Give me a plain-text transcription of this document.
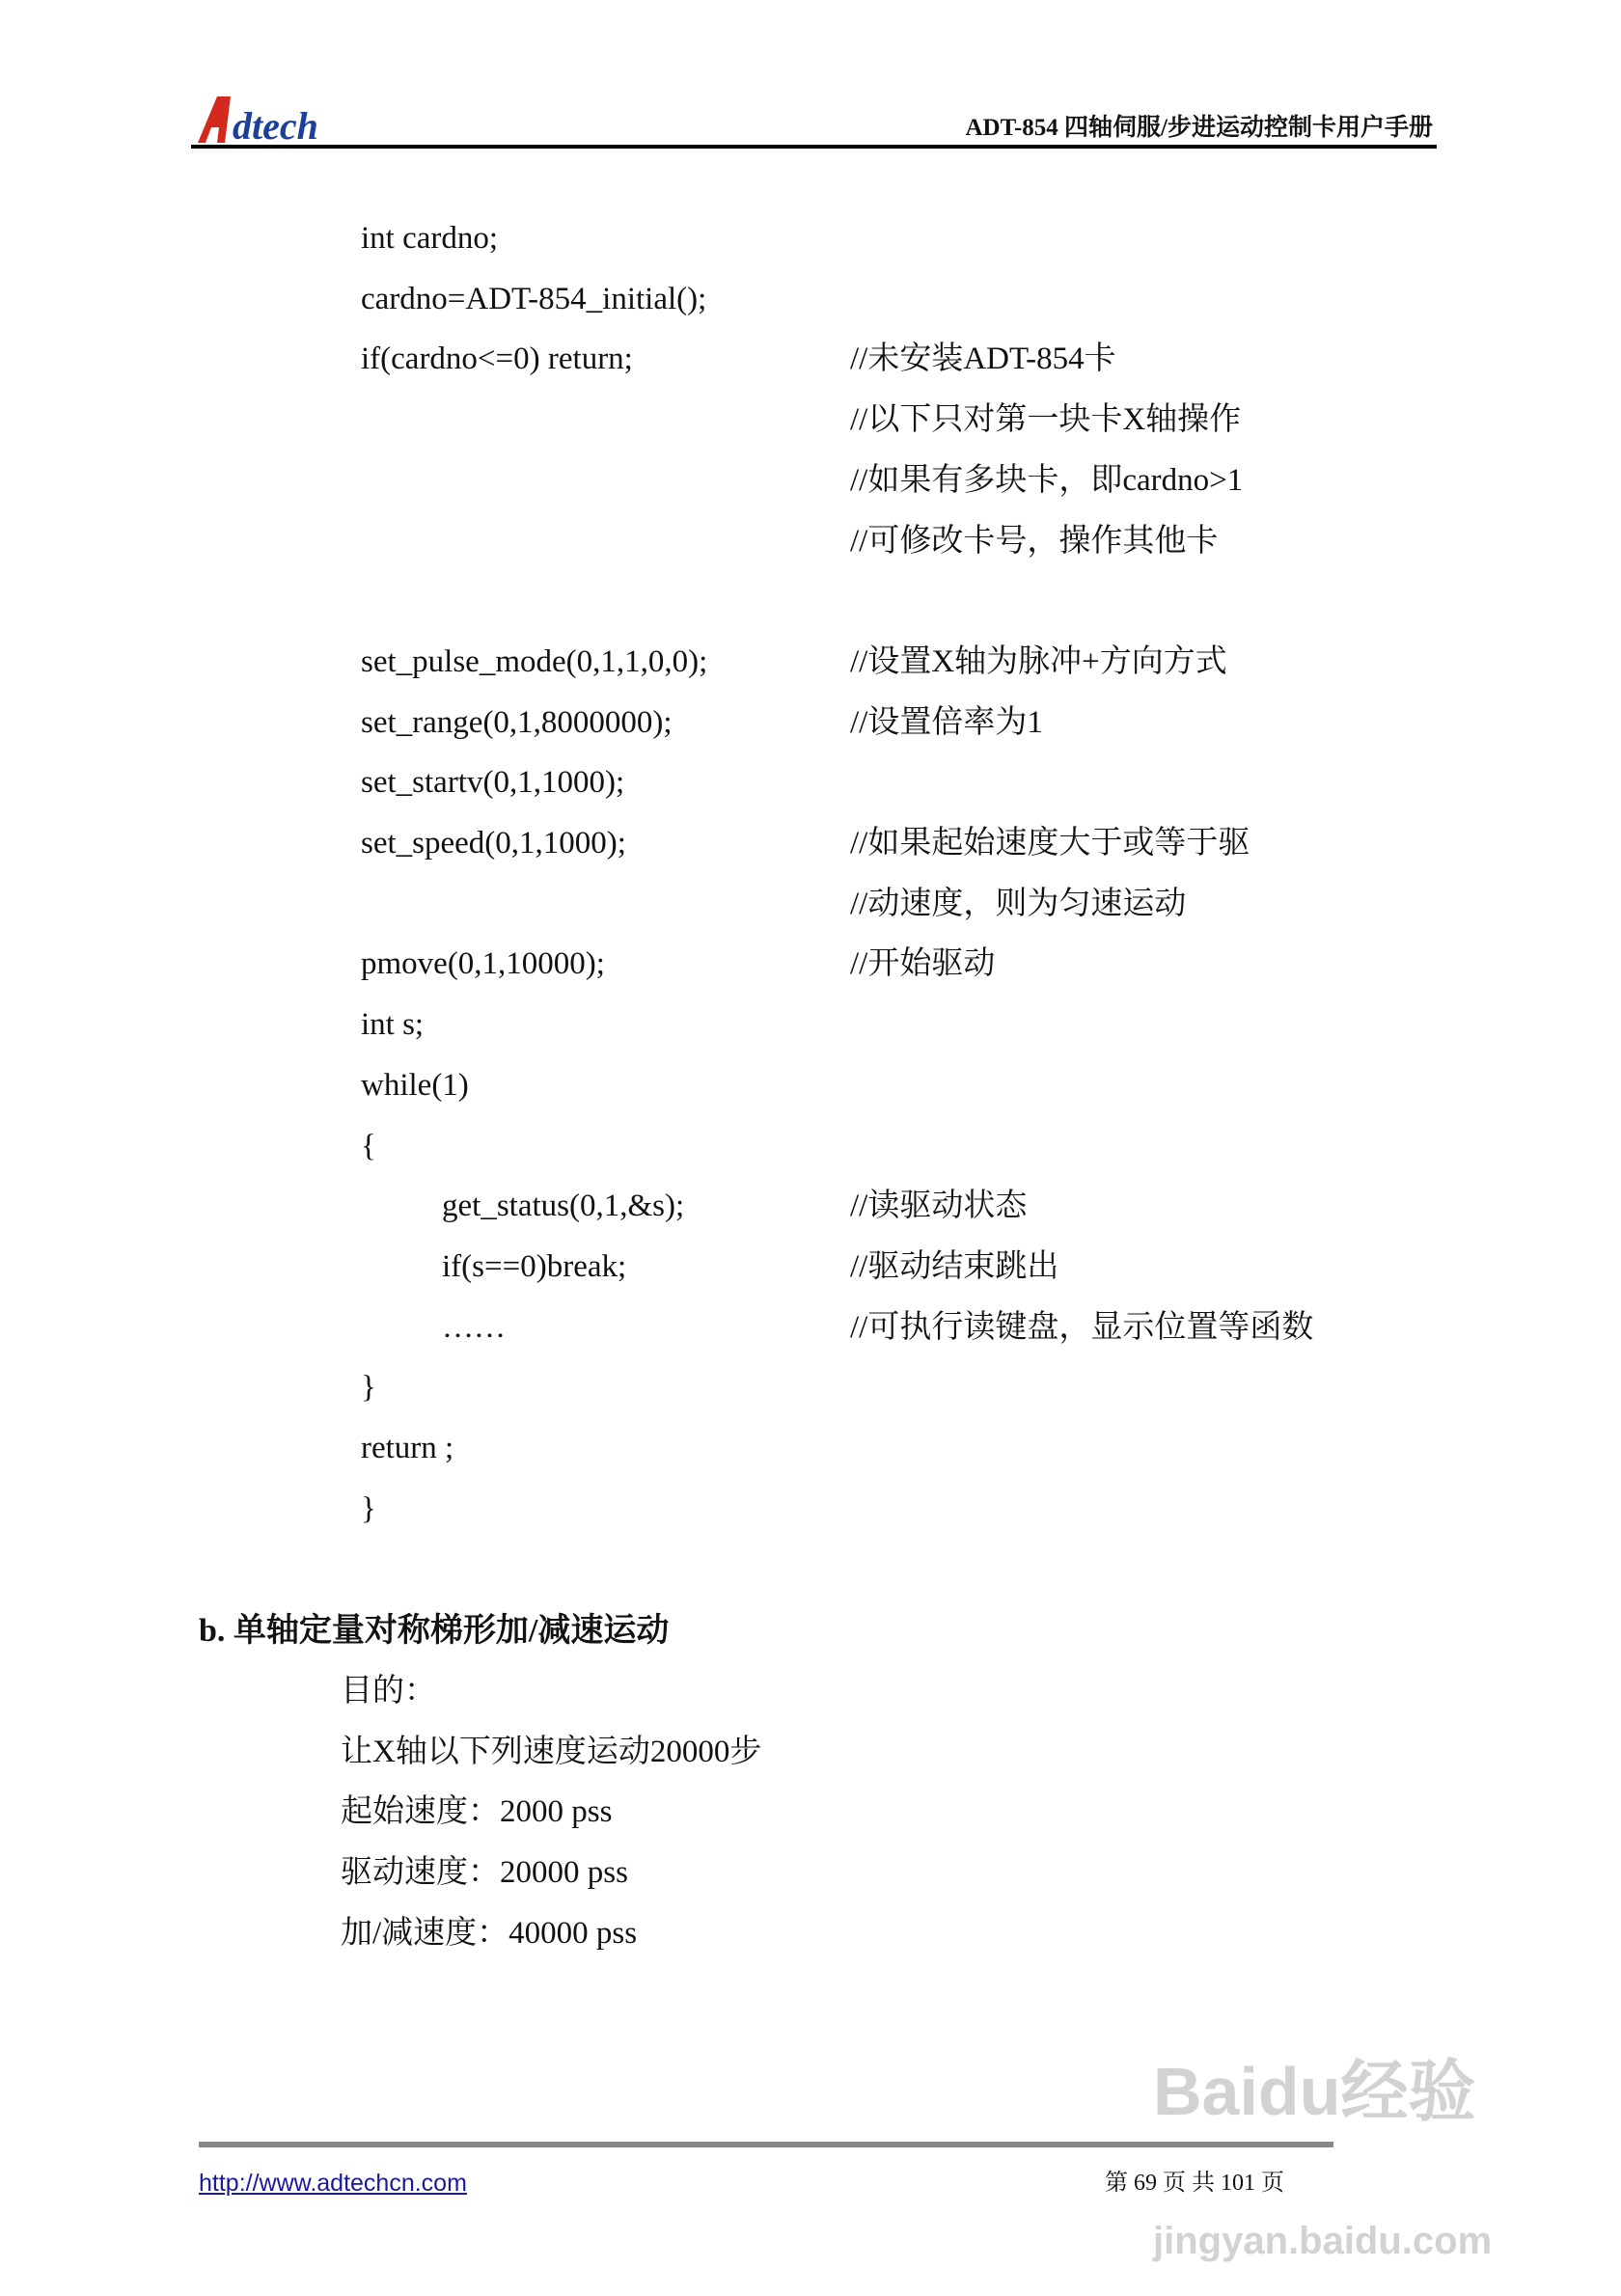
dtech	ADT-854 四轴伺服/步进运动控制卡用户手册
int cardno;
cardno=ADT-854_initial();
if(cardno<=0) return;	//未安装ADT-854卡
//以下只对第一块卡X轴操作
//如果有多块卡，即cardno>1
//可修改卡号，操作其他卡
set_pulse_mode(0,1,1,0,0);	//设置X轴为脉冲+方向方式
set_range(0,1,8000000);	//设置倍率为1
set_startv(0,1,1000);
set_speed(0,1,1000);	//如果起始速度大于或等于驱
//动速度，则为匀速运动
pmove(0,1,10000);	//开始驱动
int s;
while(1)
{
get_status(0,1,&s);	//读驱动状态
if(s==0)break;	//驱动结束跳出
……	//可执行读键盘，显示位置等函数
}
return ;
}
b. 单轴定量对称梯形加/减速运动
目的：
让X轴以下列速度运动20000步
起始速度：2000 pss
驱动速度：20000 pss
加/减速度：40000 pss
Baidu经验
http://www.adtechcn.com	第 69 页 共 101 页
jingyan.baidu.com
